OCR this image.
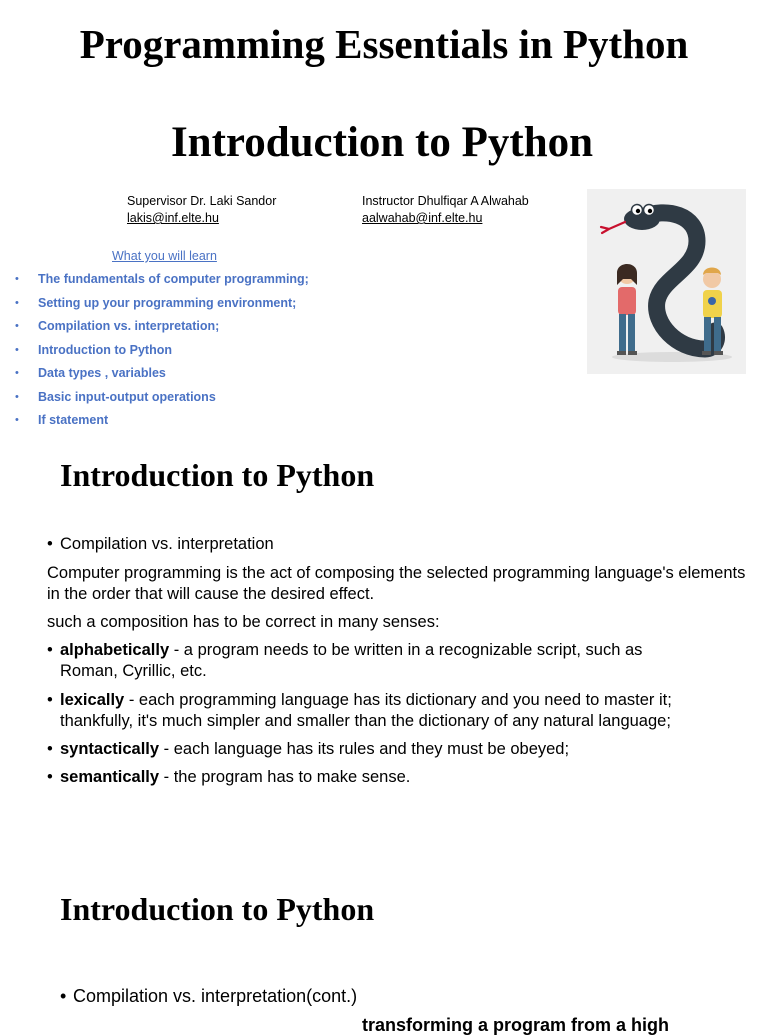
Programming Essentials in Python
Introduction to Python
Supervisor Dr. Laki Sandor
lakis@inf.elte.hu
Instructor Dhulfiqar A Alwahab
aalwahab@inf.elte.hu
What you will learn
• The fundamentals of computer programming;
• Setting up your programming environment;
• Compilation vs. interpretation;
• Introduction to Python
• Data types , variables
• Basic input-output operations
• If statement
Introduction to Python
• Compilation vs. interpretation
Computer programming is the act of composing the selected programming language's elements in the order that will cause the desired effect.
such a composition has to be correct in many senses:
• alphabetically - a program needs to be written in a recognizable script, such as
Roman, Cyrillic, etc.
• lexically - each programming language has its dictionary and you need to master it;
thankfully, it's much simpler and smaller than the dictionary of any natural language;
• syntactically - each language has its rules and they must be obeyed;
• semantically - the program has to make sense.
Introduction to Python
• Compilation vs. interpretation(cont.)
transforming a program from a high
